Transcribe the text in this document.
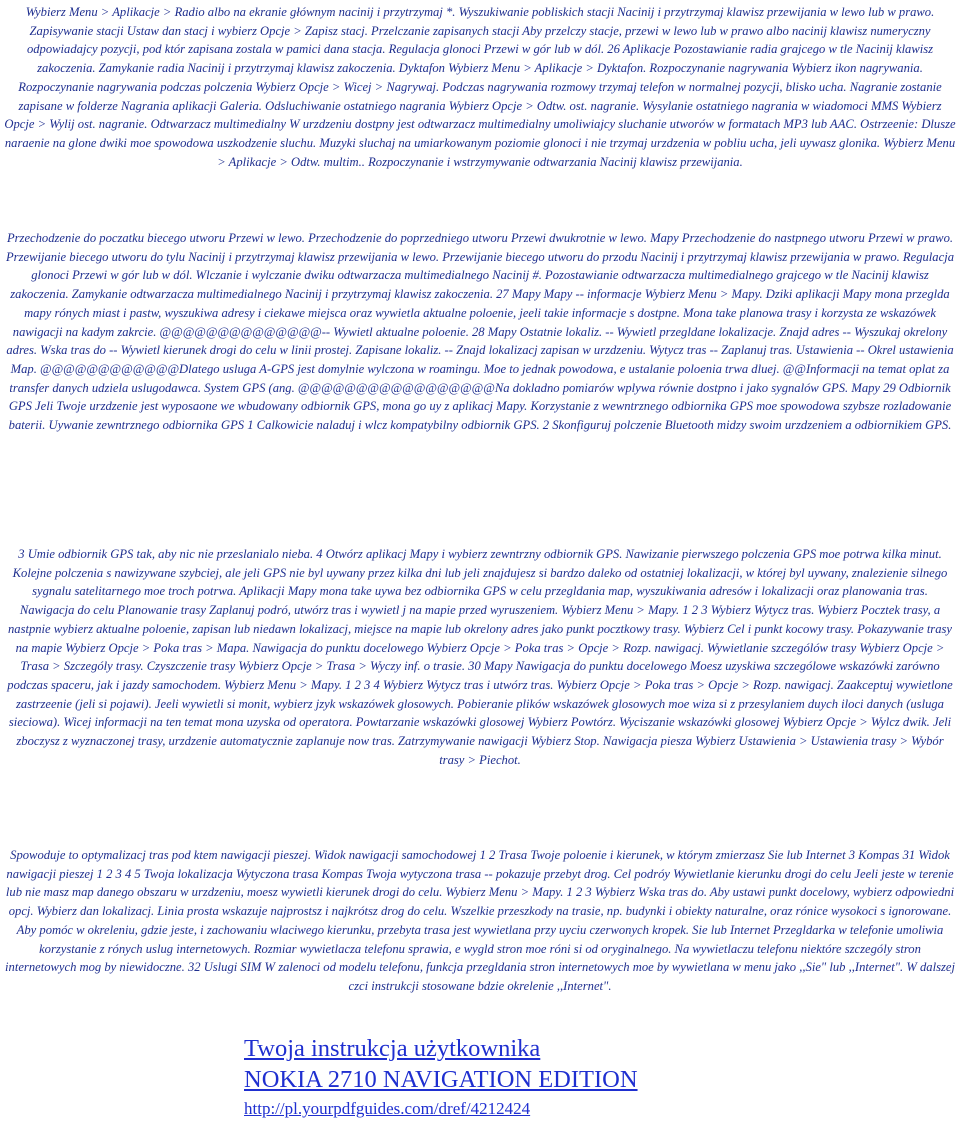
Wybierz Menu > Aplikacje > Radio albo na ekranie głównym nacinij i przytrzymaj *. Wyszukiwanie pobliskich stacji Nacinij i przytrzymaj klawisz przewijania w lewo lub w prawo. Zapisywanie stacji Ustaw dan stacj i wybierz Opcje > Zapisz stacj. Przelczanie zapisanych stacji Aby przelczy stacje, przewi w lewo lub w prawo albo nacinij klawisz numeryczny odpowiadajcy pozycji, pod któr zapisana zostala w pamici dana stacja. Regulacja glonoci Przewi w gór lub w dól. 26 Aplikacje Pozostawianie radia grajcego w tle Nacinij klawisz zakoczenia. Zamykanie radia Nacinij i przytrzymaj klawisz zakoczenia. Dyktafon Wybierz Menu > Aplikacje > Dyktafon. Rozpoczynanie nagrywania Wybierz ikon nagrywania. Rozpoczynanie nagrywania podczas polczenia Wybierz Opcje > Wicej > Nagrywaj. Podczas nagrywania rozmowy trzymaj telefon w normalnej pozycji, blisko ucha. Nagranie zostanie zapisane w folderze Nagrania aplikacji Galeria. Odsluchiwanie ostatniego nagrania Wybierz Opcje > Odtw. ost. nagranie. Wysylanie ostatniego nagrania w wiadomoci MMS Wybierz Opcje > Wylij ost. nagranie. Odtwarzacz multimedialny W urzdzeniu dostpny jest odtwarzacz multimedialny umoliwiajcy sluchanie utworów w formatach MP3 lub AAC. Ostrzeenie: Dlusze naraenie na glone dwiki moe spowodowa uszkodzenie sluchu. Muzyki sluchaj na umiarkowanym poziomie glonoci i nie trzymaj urzdzenia w pobliu ucha, jeli uywasz glonika. Wybierz Menu > Aplikacje > Odtw. multim.. Rozpoczynanie i wstrzymywanie odtwarzania Nacinij klawisz przewijania.

Przechodzenie do poczatku biecego utworu Przewi w lewo. Przechodzenie do poprzedniego utworu Przewi dwukrotnie w lewo. Mapy Przechodzenie do nastpnego utworu Przewi w prawo. Przewijanie biecego utworu do tylu Nacinij i przytrzymaj klawisz przewijania w lewo. Przewijanie biecego utworu do przodu Nacinij i przytrzymaj klawisz przewijania w prawo. Regulacja glonoci Przewi w gór lub w dól. Wlczanie i wylczanie dwiku odtwarzacza multimedialnego Nacinij #. Pozostawianie odtwarzacza multimedialnego grajcego w tle Nacinij klawisz zakoczenia. Zamykanie odtwarzacza multimedialnego Nacinij i przytrzymaj klawisz zakoczenia. 27 Mapy Mapy -- informacje Wybierz Menu > Mapy. Dziki aplikacji Mapy mona przeglda mapy rónych miast i pastw, wyszukiwa adresy i ciekawe miejsca oraz wywietla aktualne poloenie, jeeli takie informacje s dostpne. Mona take planowa trasy i korzysta ze wskazówek nawigacji na kadym zakrcie. @@@@@@@@@@@@@@-- Wywietl aktualne poloenie. 28 Mapy Ostatnie lokaliz. -- Wywietl przegldane lokalizacje. Znajd adres -- Wyszukaj okrelony adres. Wska tras do -- Wywietl kierunek drogi do celu w linii prostej. Zapisane lokaliz. -- Znajd lokalizacj zapisan w urzdzeniu. Wytycz tras -- Zaplanuj tras. Ustawienia -- Okrel ustawienia Map. @@@@@@@@@@@@Dlatego usluga A-GPS jest domylnie wylczona w roamingu. Moe to jednak powodowa, e ustalanie poloenia trwa dluej. @@Informacji na temat oplat za transfer danych udziela uslugodawca. System GPS (ang. @@@@@@@@@@@@@@@@@Na dokladno pomiarów wplywa równie dostpno i jako sygnalów GPS. Mapy 29 Odbiornik GPS Jeli Twoje urzdzenie jest wyposaone we wbudowany odbiornik GPS, mona go uy z aplikacj Mapy. Korzystanie z wewntrznego odbiornika GPS moe spowodowa szybsze rozladowanie baterii. Uywanie zewntrznego odbiornika GPS 1 Calkowicie naladuj i wlcz kompatybilny odbiornik GPS. 2 Skonfiguruj polczenie Bluetooth midzy swoim urzdzeniem a odbiornikiem GPS.

3 Umie odbiornik GPS tak, aby nic nie przeslanialo nieba. 4 Otwórz aplikacj Mapy i wybierz zewntrzny odbiornik GPS. Nawizanie pierwszego polczenia GPS moe potrwa kilka minut. Kolejne polczenia s nawizywane szybciej, ale jeli GPS nie byl uywany przez kilka dni lub jeli znajdujesz si bardzo daleko od ostatniej lokalizacji, w której byl uywany, znalezienie silnego sygnalu satelitarnego moe troch potrwa. Aplikacji Mapy mona take uywa bez odbiornika GPS w celu przegldania map, wyszukiwania adresów i lokalizacji oraz planowania tras. Nawigacja do celu Planowanie trasy Zaplanuj podró, utwórz tras i wywietl j na mapie przed wyruszeniem. Wybierz Menu > Mapy. 1 2 3 Wybierz Wytycz tras. Wybierz Pocztek trasy, a nastpnie wybierz aktualne poloenie, zapisan lub niedawn lokalizacj, miejsce na mapie lub okrelony adres jako punkt pocztkowy trasy. Wybierz Cel i punkt kocowy trasy. Pokazywanie trasy na mapie Wybierz Opcje > Poka tras > Mapa. Nawigacja do punktu docelowego Wybierz Opcje > Poka tras > Opcje > Rozp. nawigacj. Wywietlanie szczególów trasy Wybierz Opcje > Trasa > Szczególy trasy. Czyszczenie trasy Wybierz Opcje > Trasa > Wyczy inf. o trasie. 30 Mapy Nawigacja do punktu docelowego Moesz uzyskiwa szczególowe wskazówki zarówno podczas spaceru, jak i jazdy samochodem. Wybierz Menu > Mapy. 1 2 3 4 Wybierz Wytycz tras i utwórz tras. Wybierz Opcje > Poka tras > Opcje > Rozp. nawigacj. Zaakceptuj wywietlone zastrzeenie (jeli si pojawi). Jeeli wywietli si monit, wybierz jzyk wskazówek glosowych. Pobieranie plików wskazówek glosowych moe wiza si z przesylaniem duych iloci danych (usluga sieciowa). Wicej informacji na ten temat mona uzyska od operatora. Powtarzanie wskazówki glosowej Wybierz Powtórz. Wyciszanie wskazówki glosowej Wybierz Opcje > Wylcz dwik. Jeli zboczysz z wyznaczonej trasy, urzdzenie automatycznie zaplanuje now tras. Zatrzymywanie nawigacji Wybierz Stop. Nawigacja piesza Wybierz Ustawienia > Ustawienia trasy > Wybór trasy > Piechot.

Spowoduje to optymalizacj tras pod ktem nawigacji pieszej. Widok nawigacji samochodowej 1 2 Trasa Twoje poloenie i kierunek, w którym zmierzasz Sie lub Internet 3 Kompas 31 Widok nawigacji pieszej 1 2 3 4 5 Twoja lokalizacja Wytyczona trasa Kompas Twoja wytyczona trasa -- pokazuje przebyt drog. Cel podróy Wywietlanie kierunku drogi do celu Jeeli jeste w terenie lub nie masz map danego obszaru w urzdzeniu, moesz wywietli kierunek drogi do celu. Wybierz Menu > Mapy. 1 2 3 Wybierz Wska tras do. Aby ustawi punkt docelowy, wybierz odpowiedni opcj. Wybierz dan lokalizacj. Linia prosta wskazuje najprostsz i najkrótsz drog do celu. Wszelkie przeszkody na trasie, np. budynki i obiekty naturalne, oraz rónice wysokoci s ignorowane. Aby pomóc w okreleniu, gdzie jeste, i zachowaniu wlaciwego kierunku, przebyta trasa jest wywietlana przy uyciu czerwonych kropek. Sie lub Internet Przegldarka w telefonie umoliwia korzystanie z rónych uslug internetowych. Rozmiar wywietlacza telefonu sprawia, e wygld stron moe róni si od oryginalnego. Na wywietlaczu telefonu niektóre szczególy stron internetowych mog by niewidoczne. 32 Uslugi SIM W zalenoci od modelu telefonu, funkcja przegldania stron internetowych moe by wywietlana w menu jako ,,Sie" lub ,,Internet". W dalszej czci instrukcji stosowane bdzie okrelenie ,,Internet".

Twoja instrukcja użytkownika
NOKIA 2710 NAVIGATION EDITION
http://pl.yourpdfguides.com/dref/4212424
